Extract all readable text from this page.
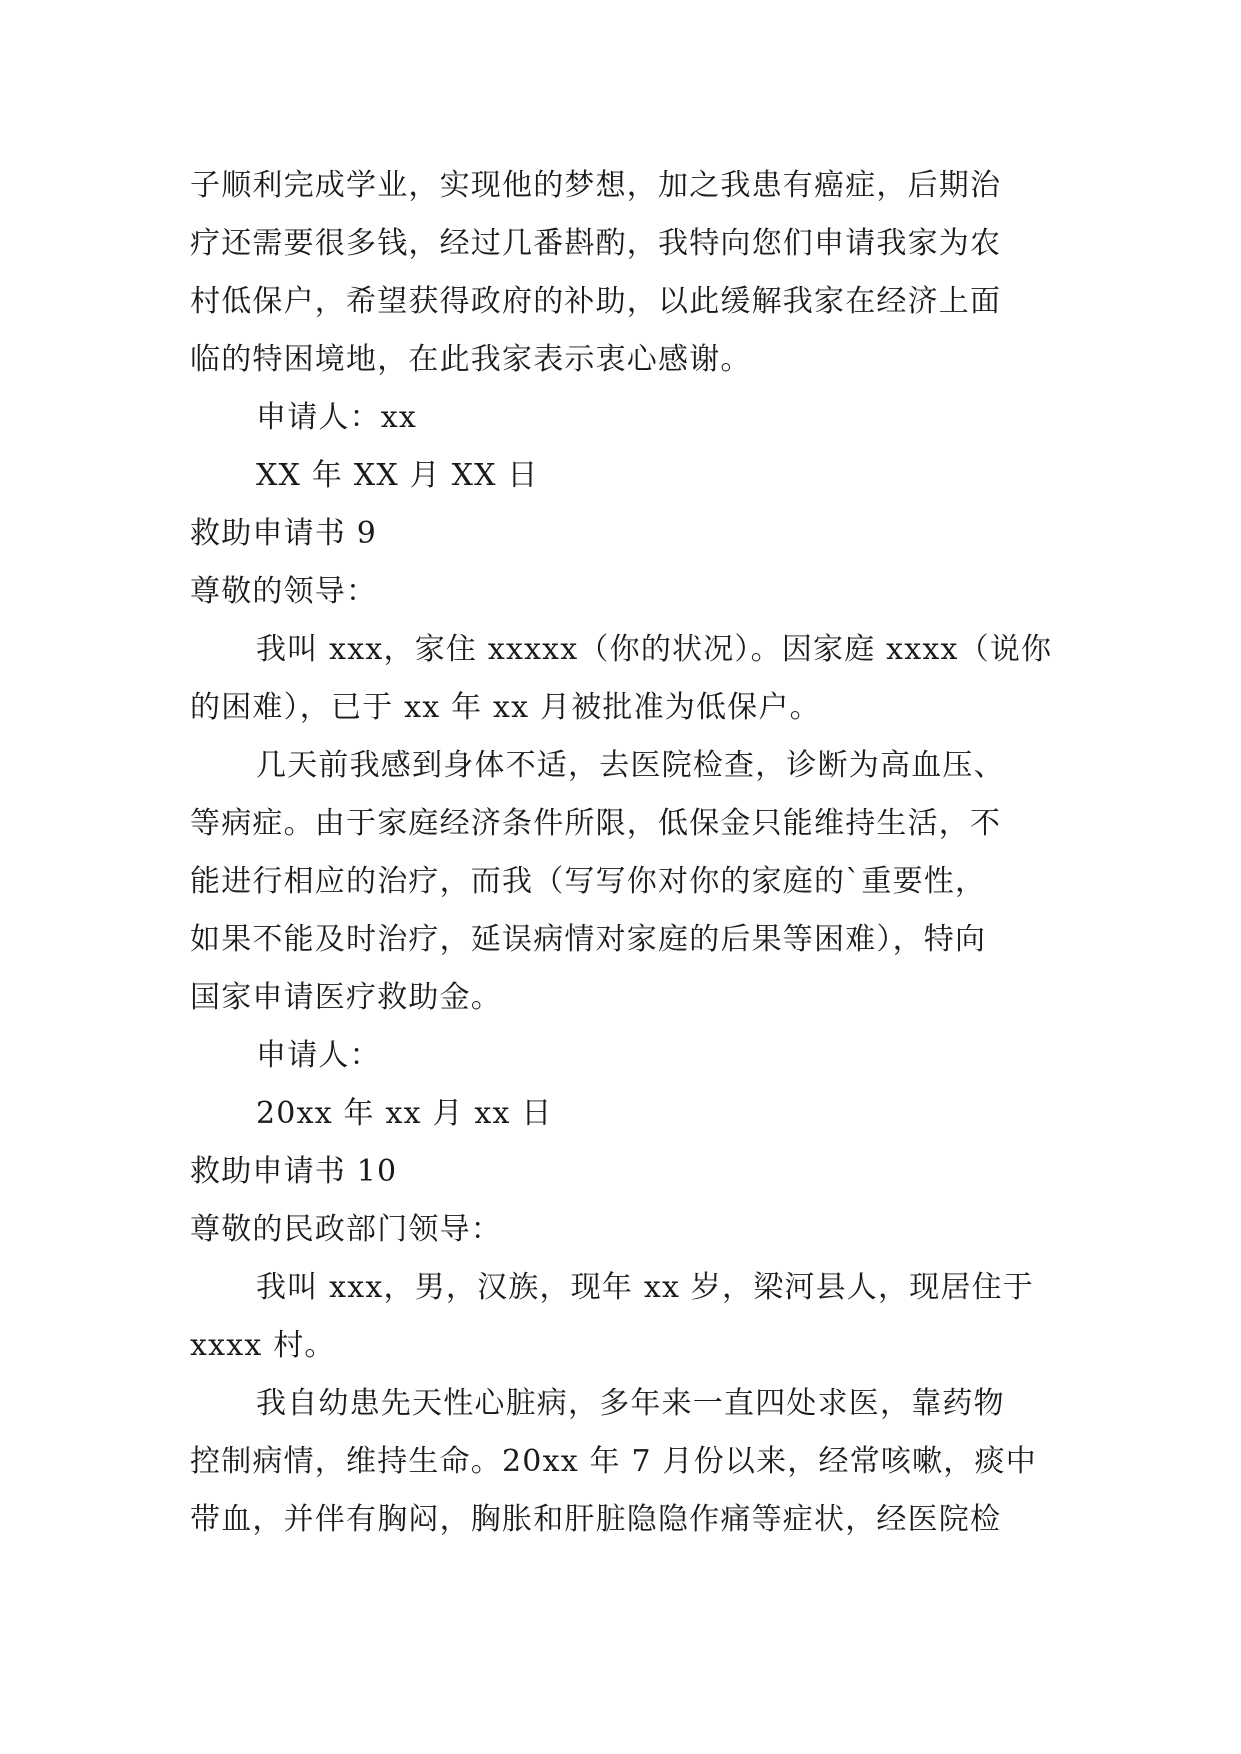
子顺利完成学业，实现他的梦想，加之我患有癌症，后期治
疗还需要很多钱，经过几番斟酌，我特向您们申请我家为农
村低保户，希望获得政府的补助，以此缓解我家在经济上面
临的特困境地，在此我家表示衷心感谢。
申请人：xx
XX 年 XX 月 XX 日
救助申请书 9
尊敬的领导：
我叫 xxx，家住 xxxxx（你的状况）。因家庭 xxxx（说你
的困难），已于 xx 年 xx 月被批准为低保户。
几天前我感到身体不适，去医院检查，诊断为高血压、
等病症。由于家庭经济条件所限，低保金只能维持生活，不
能进行相应的治疗，而我（写写你对你的家庭的`重要性，
如果不能及时治疗，延误病情对家庭的后果等困难），特向
国家申请医疗救助金。
申请人：
20xx 年 xx 月 xx 日
救助申请书 10
尊敬的民政部门领导：
我叫 xxx，男，汉族，现年 xx 岁，梁河县人，现居住于
xxxx 村。
我自幼患先天性心脏病，多年来一直四处求医，靠药物
控制病情，维持生命。20xx 年 7 月份以来，经常咳嗽，痰中
带血，并伴有胸闷，胸胀和肝脏隐隐作痛等症状，经医院检
